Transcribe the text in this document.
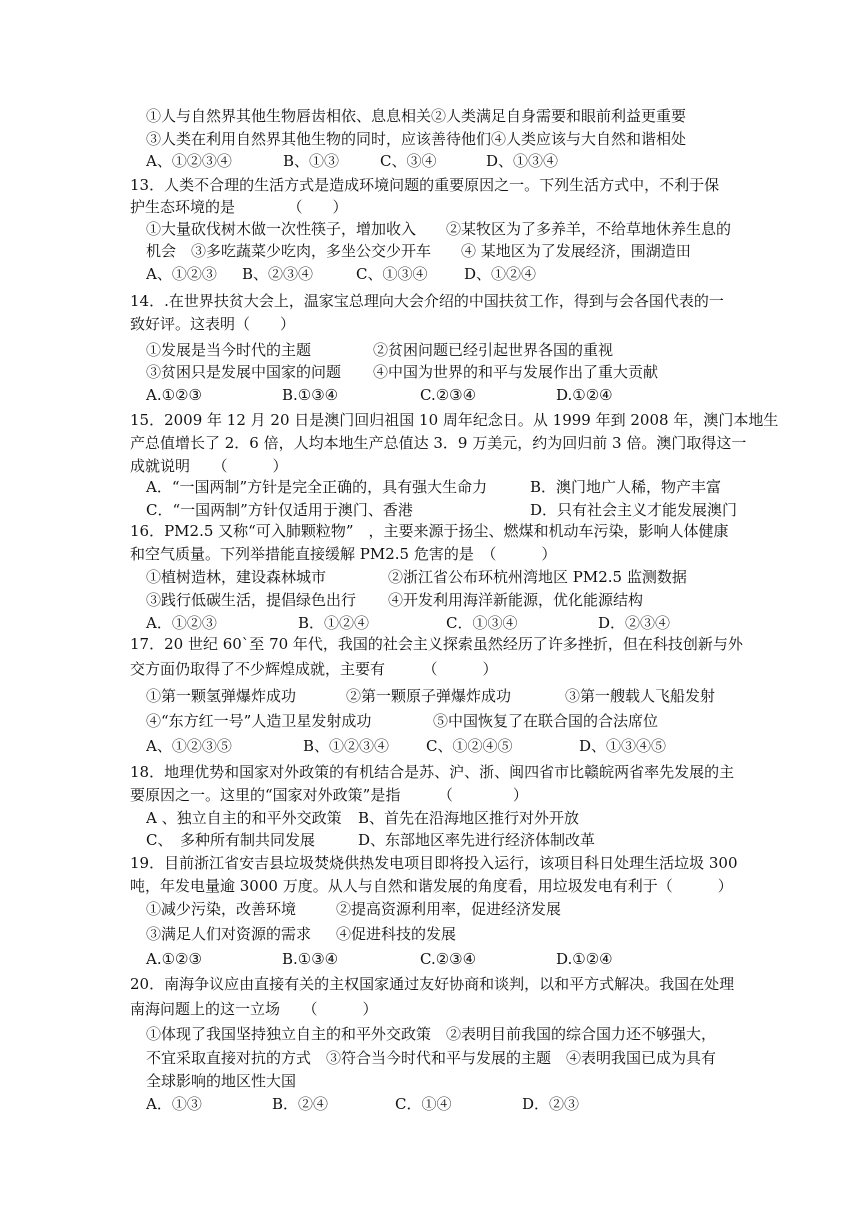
①人与自然界其他生物唇齿相依、息息相关②人类满足自身需要和眼前利益更重要
③人类在利用自然界其他生物的同时，应该善待他们④人类应该与大自然和谐相处
A、①②③④	B、①③	C、③④	D、①③④
13．人类不合理的生活方式是造成环境问题的重要原因之一。下列生活方式中，不利于保
护生态环境的是　　　　（　　）
①大量砍伐树木做一次性筷子，增加收入　　②某牧区为了多养羊，不给草地休养生息的
机会　③多吃蔬菜少吃肉，多坐公交少开车　　④ 某地区为了发展经济，围湖造田
A、①②③ B、②③④	C、①③④ D、①②④
14．.在世界扶贫大会上，温家宝总理向大会介绍的中国扶贫工作，得到与会各国代表的一
致好评。这表明（　　）
①发展是当今时代的主题	②贫困问题已经引起世界各国的重视
③贫困只是发展中国家的问题 ④中国为世界的和平与发展作出了重大贡献
A.①②③	B.①③④	C.②③④	D.①②④
15．2009 年 12 月 20 日是澳门回归祖国 10 周年纪念日。从 1999 年到 2008 年，澳门本地生
产总值增长了 2．6 倍，人均本地生产总值达 3．9 万美元，约为回归前 3 倍。澳门取得这一
成就说明　　（　　　）
A．“一国两制”方针是完全正确的，具有强大生命力	B．澳门地广人稀，物产丰富
C．“一国两制”方针仅适用于澳门、香港	D．只有社会主义才能发展澳门
16．PM2.5 又称“可入肺颗粒物”　，主要来源于扬尘、燃煤和机动车污染，影响人体健康
和空气质量。下列举措能直接缓解 PM2.5 危害的是　（　　　）
①植树造林，建设森林城市	②浙江省公布环杭州湾地区 PM2.5 监测数据
③践行低碳生活，提倡绿色出行 ④开发利用海洋新能源，优化能源结构
A．①②③	B．①②④	C．①③④	D．②③④
17．20 世纪 60`至 70 年代，我国的社会主义探索虽然经历了许多挫折，但在科技创新与外
交方面仍取得了不少辉煌成就，主要有　　　（　　　）
①第一颗氢弹爆炸成功	②第一颗原子弹爆炸成功	③第一艘载人飞船发射
④“东方红一号”人造卫星发射成功	⑤中国恢复了在联合国的合法席位
A、①②③⑤	B、①②③④ C、①②④⑤	D、①③④⑤
18．地理优势和国家对外政策的有机结合是苏、沪、浙、闽四省市比赣皖两省率先发展的主
要原因之一。这里的“国家对外政策”是指　　　（　　　　）
A 、独立自主的和平外交政策 B、首先在沿海地区推行对外开放
C、　多种所有制共同发展	D、东部地区率先进行经济体制改革
19．目前浙江省安吉县垃圾焚烧供热发电项目即将投入运行，该项目科日处理生活垃圾 300
吨，年发电量逾 3000 万度。从人与自然和谐发展的角度看，用垃圾发电有利于（　　　）
①减少污染，改善环境	②提高资源利用率，促进经济发展
③满足人们对资源的需求 ④促进科技的发展
A.①②③	B.①③④	C.②③④	D.①②④
20．南海争议应由直接有关的主权国家通过友好协商和谈判，以和平方式解决。我国在处理
南海问题上的这一立场　　（　　　）
①体现了我国坚持独立自主的和平外交政策　②表明目前我国的综合国力还不够强大，
不宜采取直接对抗的方式　③符合当今时代和平与发展的主题　④表明我国已成为具有
全球影响的地区性大国
A．①③	B．②④	C．①④	D．②③
